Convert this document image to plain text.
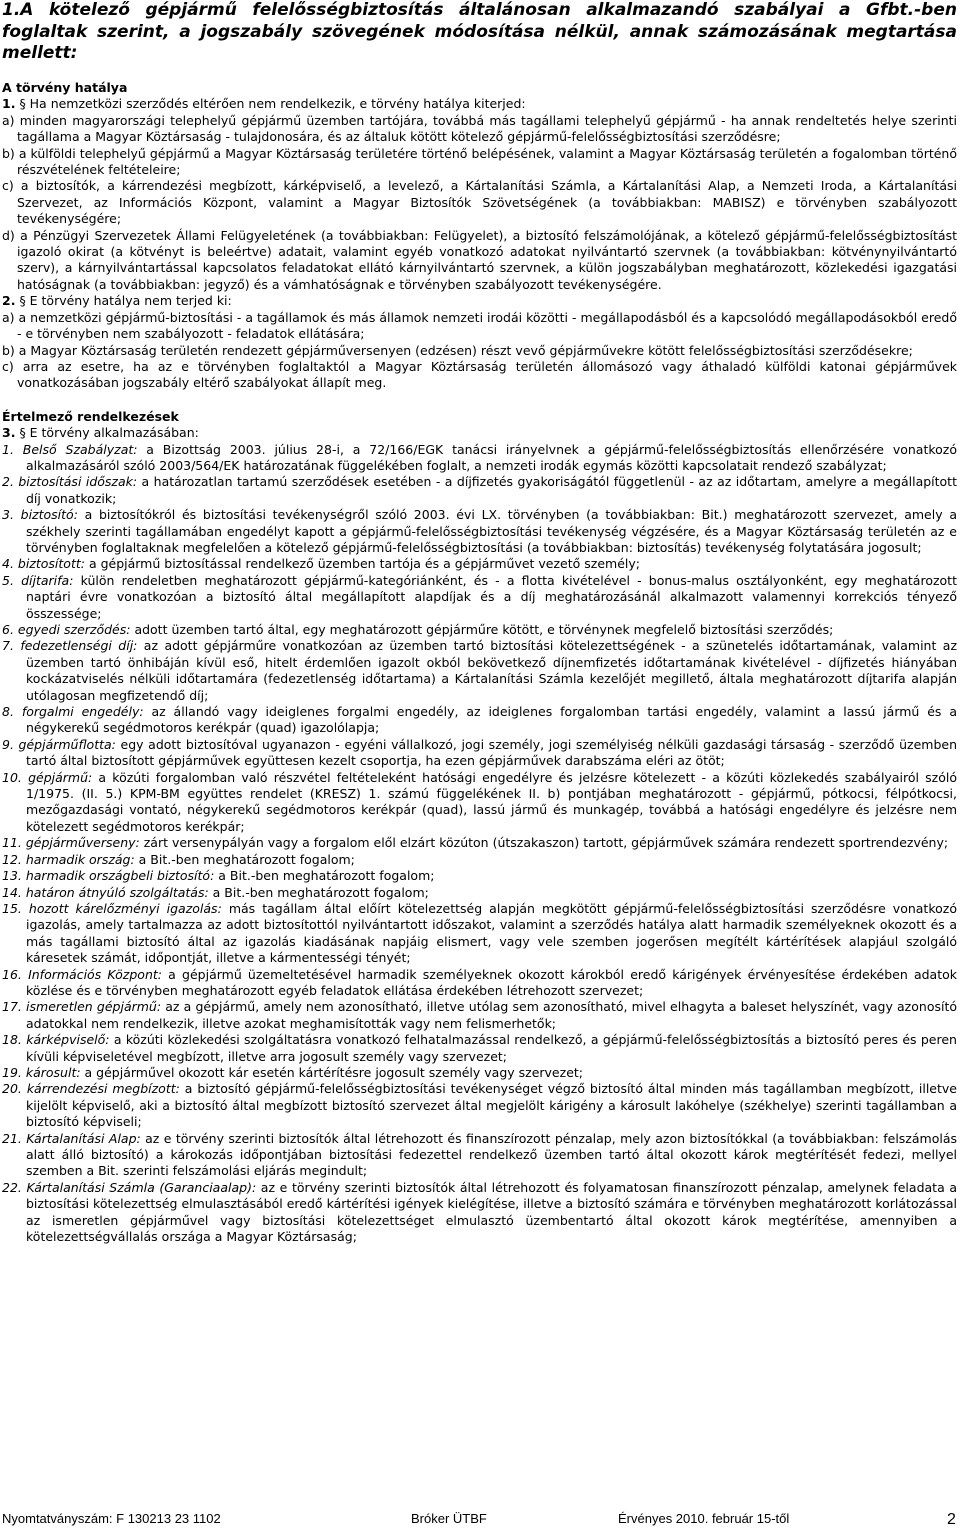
1.A kötelező gépjármű felelősségbiztosítás általánosan alkalmazandó szabályai a Gfbt.-ben foglaltak szerint, a jogszabály szövegének módosítása nélkül, annak számozásának megtartása mellett:

A törvény hatálya

1. § Ha nemzetközi szerződés eltérően nem rendelkezik, e törvény hatálya kiterjed:

a) minden magyarországi telephelyű gépjármű üzemben tartójára, továbbá más tagállami telephelyű gépjármű - ha annak rendeltetés helye szerinti tagállama a Magyar Köztársaság - tulajdonosára, és az általuk kötött kötelező gépjármű-felelősségbiztosítási szerződésre;

b) a külföldi telephelyű gépjármű a Magyar Köztársaság területére történő belépésének, valamint a Magyar Köztársaság területén a fogalomban történő részvételének feltételeire;

c) a biztosítók, a kárrendezési megbízott, kárképviselő, a levelező, a Kártalanítási Számla, a Kártalanítási Alap, a Nemzeti Iroda, a Kártalanítási Szervezet, az Információs Központ, valamint a Magyar Biztosítók Szövetségének (a továbbiakban: MABISZ) e törvényben szabályozott tevékenységére;

d) a Pénzügyi Szervezetek Állami Felügyeletének (a továbbiakban: Felügyelet), a biztosító felszámolójának, a kötelező gépjármű-felelősségbiztosítást igazoló okirat (a kötvényt is beleértve) adatait, valamint egyéb vonatkozó adatokat nyilvántartó szervnek (a továbbiakban: kötvénynyilvántartó szerv), a kárnyilvántartással kapcsolatos feladatokat ellátó kárnyilvántartó szervnek, a külön jogszabályban meghatározott, közlekedési igazgatási hatóságnak (a továbbiakban: jegyző) és a vámhatóságnak e törvényben szabályozott tevékenységére.

2. § E törvény hatálya nem terjed ki:

a) a nemzetközi gépjármű-biztosítási - a tagállamok és más államok nemzeti irodái közötti - megállapodásból és a kapcsolódó megállapodásokból eredő - e törvényben nem szabályozott - feladatok ellátására;

b) a Magyar Köztársaság területén rendezett gépjárműversenyen (edzésen) részt vevő gépjárművekre kötött felelősségbiztosítási szerződésekre;

c) arra az esetre, ha az e törvényben foglaltaktól a Magyar Köztársaság területén állomásozó vagy áthaladó külföldi katonai gépjárművek vonatkozásában jogszabály eltérő szabályokat állapít meg.

Értelmező rendelkezések

3. § E törvény alkalmazásában:

1. Belső Szabályzat: a Bizottság 2003. július 28-i, a 72/166/EGK tanácsi irányelvnek a gépjármű-felelősségbiztosítás ellenőrzésére vonatkozó alkalmazásáról szóló 2003/564/EK határozatának függelékében foglalt, a nemzeti irodák egymás közötti kapcsolatait rendező szabályzat;

2. biztosítási időszak: a határozatlan tartamú szerződések esetében - a díjfizetés gyakoriságától függetlenül - az az időtartam, amelyre a megállapított díj vonatkozik;

3. biztosító: a biztosítókról és biztosítási tevékenységről szóló 2003. évi LX. törvényben (a továbbiakban: Bit.) meghatározott szervezet, amely a székhely szerinti tagállamában engedélyt kapott a gépjármű-felelősségbiztosítási tevékenység végzésére, és a Magyar Köztársaság területén az e törvényben foglaltaknak megfelelően a kötelező gépjármű-felelősségbiztosítási (a továbbiakban: biztosítás) tevékenység folytatására jogosult;

4. biztosított: a gépjármű biztosítással rendelkező üzemben tartója és a gépjárművet vezető személy;

5. díjtarifa: külön rendeletben meghatározott gépjármű-kategóriánként, és - a flotta kivételével - bonus-malus osztályonként, egy meghatározott naptári évre vonatkozóan a biztosító által megállapított alapdíjak és a díj meghatározásánál alkalmazott valamennyi korrekciós tényező összessége;

6. egyedi szerződés: adott üzemben tartó által, egy meghatározott gépjárműre kötött, e törvénynek megfelelő biztosítási szerződés;

7. fedezetlenségi díj: az adott gépjárműre vonatkozóan az üzemben tartó biztosítási kötelezettségének - a szünetelés időtartamának, valamint az üzemben tartó önhibáján kívül eső, hitelt érdemlően igazolt okból bekövetkező díjnemfizetés időtartamának kivételével - díjfizetés hiányában kockázatviselés nélküli időtartamára (fedezetlenség időtartama) a Kártalanítási Számla kezelőjét megillető, általa meghatározott díjtarifa alapján utólagosan megfizetendő díj;

8. forgalmi engedély: az állandó vagy ideiglenes forgalmi engedély, az ideiglenes forgalomban tartási engedély, valamint a lassú jármű és a négykerekű segédmotoros kerékpár (quad) igazolólapja;

9. gépjárműflotta: egy adott biztosítóval ugyanazon - egyéni vállalkozó, jogi személy, jogi személyiség nélküli gazdasági társaság - szerződő üzemben tartó által biztosított gépjárművek együttesen kezelt csoportja, ha ezen gépjárművek darabszáma eléri az ötöt;

10. gépjármű: a közúti forgalomban való részvétel feltételeként hatósági engedélyre és jelzésre kötelezett - a közúti közlekedés szabályairól szóló 1/1975. (II. 5.) KPM-BM együttes rendelet (KRESZ) 1. számú függelékének II. b) pontjában meghatározott - gépjármű, pótkocsi, félpótkocsi, mezőgazdasági vontató, négykerekű segédmotoros kerékpár (quad), lassú jármű és munkagép, továbbá a hatósági engedélyre és jelzésre nem kötelezett segédmotoros kerékpár;

11. gépjárműverseny: zárt versenypályán vagy a forgalom elől elzárt közúton (útszakaszon) tartott, gépjárművek számára rendezett sportrendezvény;

12. harmadik ország: a Bit.-ben meghatározott fogalom;

13. harmadik országbeli biztosító: a Bit.-ben meghatározott fogalom;

14. határon átnyúló szolgáltatás: a Bit.-ben meghatározott fogalom;

15. hozott kárelőzményi igazolás: más tagállam által előírt kötelezettség alapján megkötött gépjármű-felelősségbiztosítási szerződésre vonatkozó igazolás, amely tartalmazza az adott biztosítottól nyilvántartott időszakot, valamint a szerződés hatálya alatt harmadik személyeknek okozott és a más tagállami biztosító által az igazolás kiadásának napjáig elismert, vagy vele szemben jogerősen megítélt kártérítések alapjául szolgáló káresetek számát, időpontját, illetve a kármentességi tényét;

16. Információs Központ: a gépjármű üzemeltetésével harmadik személyeknek okozott károkból eredő kárigények érvényesítése érdekében adatok közlése és e törvényben meghatározott egyéb feladatok ellátása érdekében létrehozott szervezet;

17. ismeretlen gépjármű: az a gépjármű, amely nem azonosítható, illetve utólag sem azonosítható, mivel elhagyta a baleset helyszínét, vagy azonosító adatokkal nem rendelkezik, illetve azokat meghamisították vagy nem felismerhetők;

18. kárképviselő: a közúti közlekedési szolgáltatásra vonatkozó felhatalmazással rendelkező, a gépjármű-felelősségbiztosítás a biztosító peres és peren kívüli képviseletével megbízott, illetve arra jogosult személy vagy szervezet;

19. károsult: a gépjárművel okozott kár esetén kártérítésre jogosult személy vagy szervezet;

20. kárrendezési megbízott: a biztosító gépjármű-felelősségbiztosítási tevékenységet végző biztosító által minden más tagállamban megbízott, illetve kijelölt képviselő, aki a biztosító által megbízott biztosító szervezet által megjelölt kárigény a károsult lakóhelye (székhelye) szerinti tagállamban a biztosító képviseli;

21. Kártalanítási Alap: az e törvény szerinti biztosítók által létrehozott és finanszírozott pénzalap, mely azon biztosítókkal (a továbbiakban: felszámolás alatt álló biztosító) a károkozás időpontjában biztosítási fedezettel rendelkező üzemben tartó által okozott károk megtérítését fedezi, mellyel szemben a Bit. szerinti felszámolási eljárás megindult;

22. Kártalanítási Számla (Garanciaalap): az e törvény szerinti biztosítók által létrehozott és folyamatosan finanszírozott pénzalap, amelynek feladata a biztosítási kötelezettség elmulasztásából eredő kártérítési igények kielégítése, illetve a biztosító számára e törvényben meghatározott korlátozással az ismeretlen gépjárművel vagy biztosítási kötelezettséget elmulasztó üzembentartó által okozott károk megtérítése, amennyiben a kötelezettségvállalás országa a Magyar Köztársaság;

Nyomtatványszám: F 130213 23 1102	Bróker ÜTBF	Érvényes 2010. február 15-től	2
